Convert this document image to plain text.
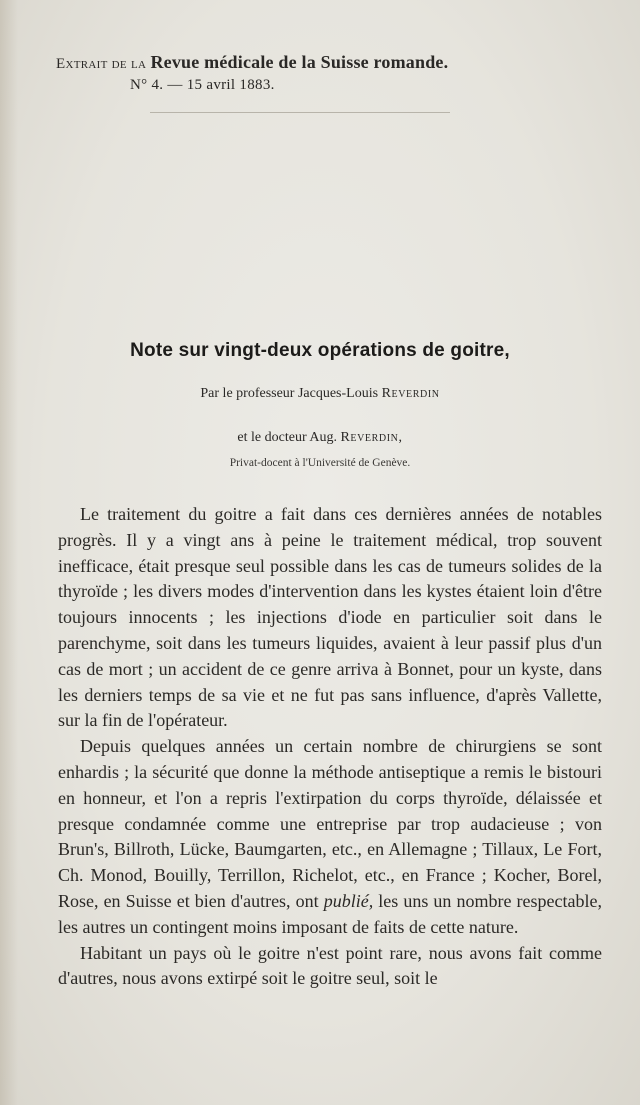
Extrait de la Revue médicale de la Suisse romande.
N° 4. — 15 avril 1883.
Note sur vingt-deux opérations de goitre,
Par le professeur Jacques-Louis Reverdin
et le docteur Aug. Reverdin,
Privat-docent à l'Université de Genève.

Le traitement du goitre a fait dans ces dernières années de notables progrès. Il y a vingt ans à peine le traitement médical, trop souvent inefficace, était presque seul possible dans les cas de tumeurs solides de la thyroïde ; les divers modes d'intervention dans les kystes étaient loin d'être toujours innocents ; les injections d'iode en particulier soit dans le parenchyme, soit dans les tumeurs liquides, avaient à leur passif plus d'un cas de mort ; un accident de ce genre arriva à Bonnet, pour un kyste, dans les derniers temps de sa vie et ne fut pas sans influence, d'après Vallette, sur la fin de l'opérateur.

Depuis quelques années un certain nombre de chirurgiens se sont enhardis ; la sécurité que donne la méthode antiseptique a remis le bistouri en honneur, et l'on a repris l'extirpation du corps thyroïde, délaissée et presque condamnée comme une entreprise par trop audacieuse ; von Brun's, Billroth, Lücke, Baumgarten, etc., en Allemagne ; Tillaux, Le Fort, Ch. Monod, Bouilly, Terrillon, Richelot, etc., en France ; Kocher, Borel, Rose, en Suisse et bien d'autres, ont publié, les uns un nombre respectable, les autres un contingent moins imposant de faits de cette nature.

Habitant un pays où le goitre n'est point rare, nous avons fait comme d'autres, nous avons extirpé soit le goitre seul, soit le
